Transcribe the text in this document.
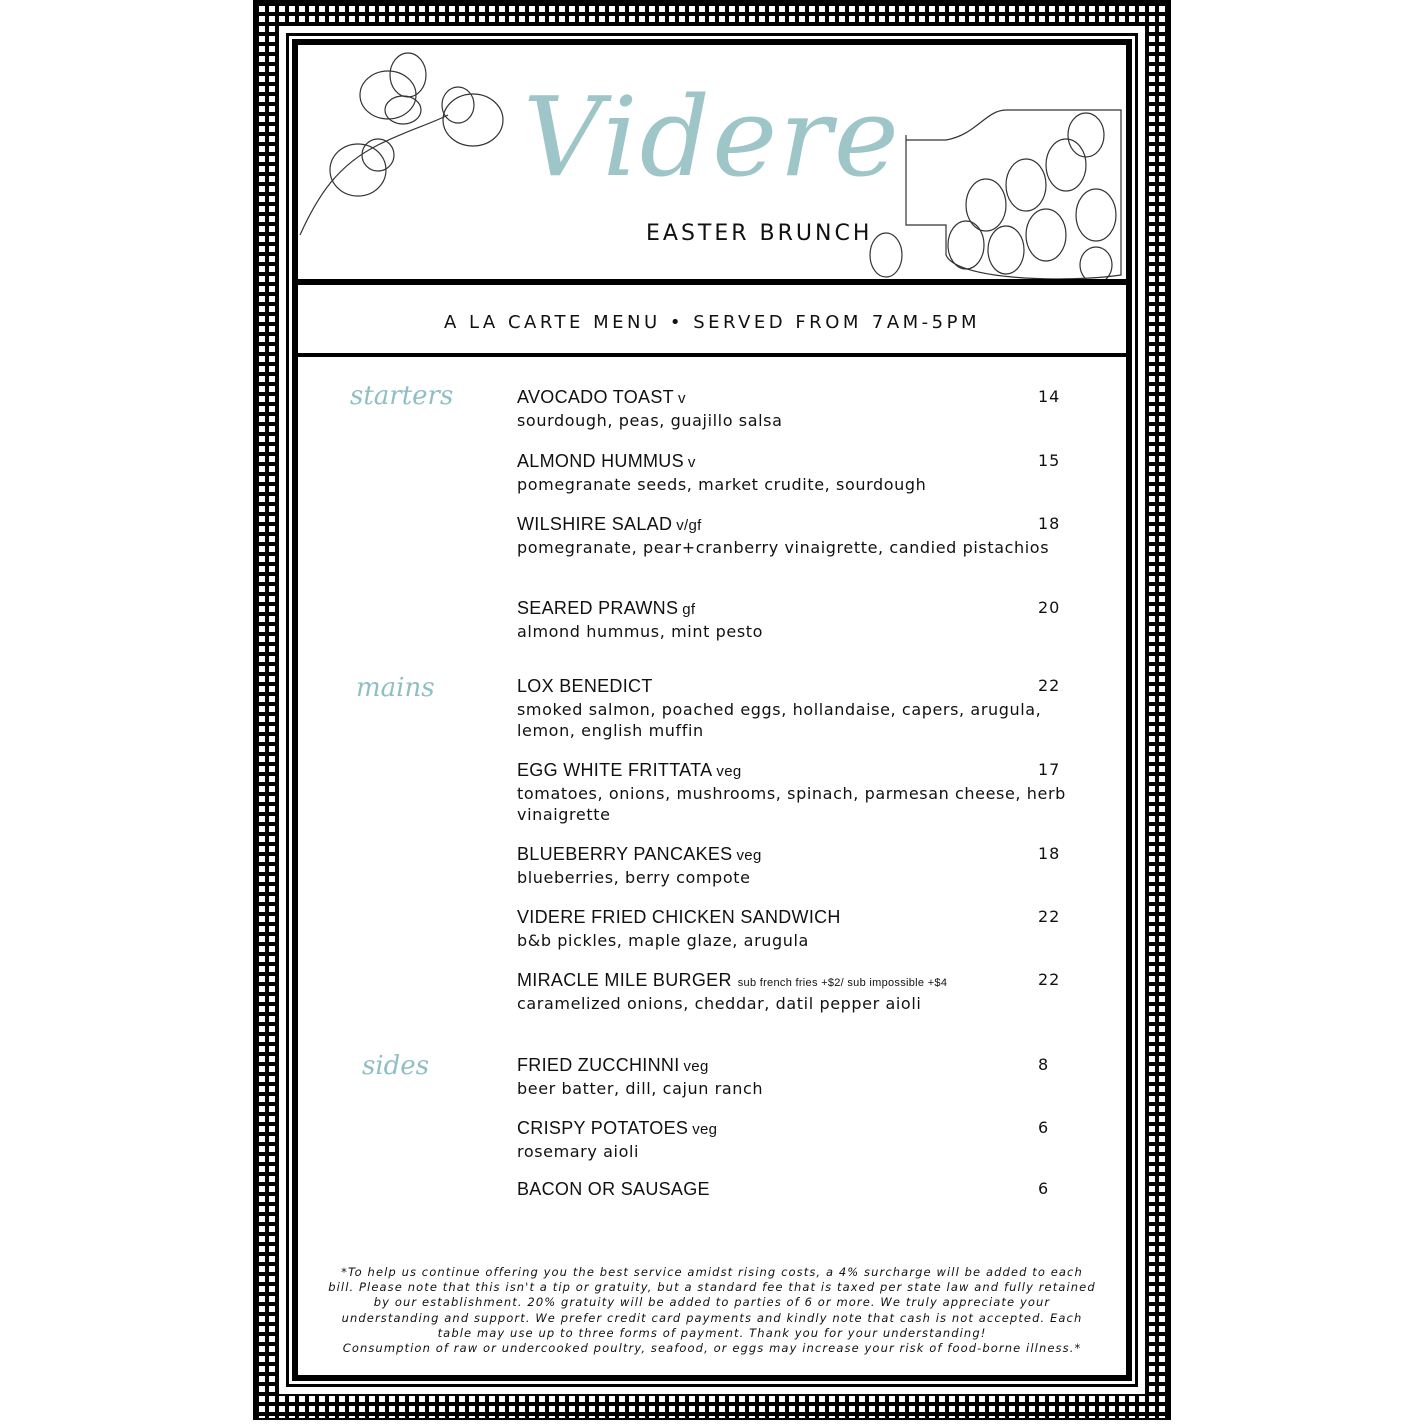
Videre
EASTER BRUNCH
A LA CARTE MENU • SERVED FROM 7AM-5PM
starters
mains
sides
AVOCADO TOAST v
sourdough, peas, guajillo salsa
14
ALMOND HUMMUS v
pomegranate seeds, market crudite, sourdough
15
WILSHIRE SALAD v/gf
pomegranate, pear+cranberry vinaigrette, candied pistachios
18
SEARED PRAWNS gf
almond hummus, mint pesto
20
LOX BENEDICT
smoked salmon, poached eggs, hollandaise, capers, arugula, lemon, english muffin
22
EGG WHITE FRITTATA veg
tomatoes, onions, mushrooms, spinach, parmesan cheese, herb vinaigrette
17
BLUEBERRY PANCAKES veg
blueberries, berry compote
18
VIDERE FRIED CHICKEN SANDWICH
b&b pickles, maple glaze, arugula
22
MIRACLE MILE BURGER sub french fries +$2/ sub impossible +$4
caramelized onions, cheddar, datil pepper aioli
22
FRIED ZUCCHINNI veg
beer batter, dill, cajun ranch
8
CRISPY POTATOES veg
rosemary aioli
6
BACON OR SAUSAGE	6
*To help us continue offering you the best service amidst rising costs, a 4% surcharge will be added to each
bill. Please note that this isn't a tip or gratuity, but a standard fee that is taxed per state law and fully retained
by our establishment. 20% gratuity will be added to parties of 6 or more. We truly appreciate your
understanding and support. We prefer credit card payments and kindly note that cash is not accepted. Each
table may use up to three forms of payment. Thank you for your understanding!
Consumption of raw or undercooked poultry, seafood, or eggs may increase your risk of food-borne illness.*
